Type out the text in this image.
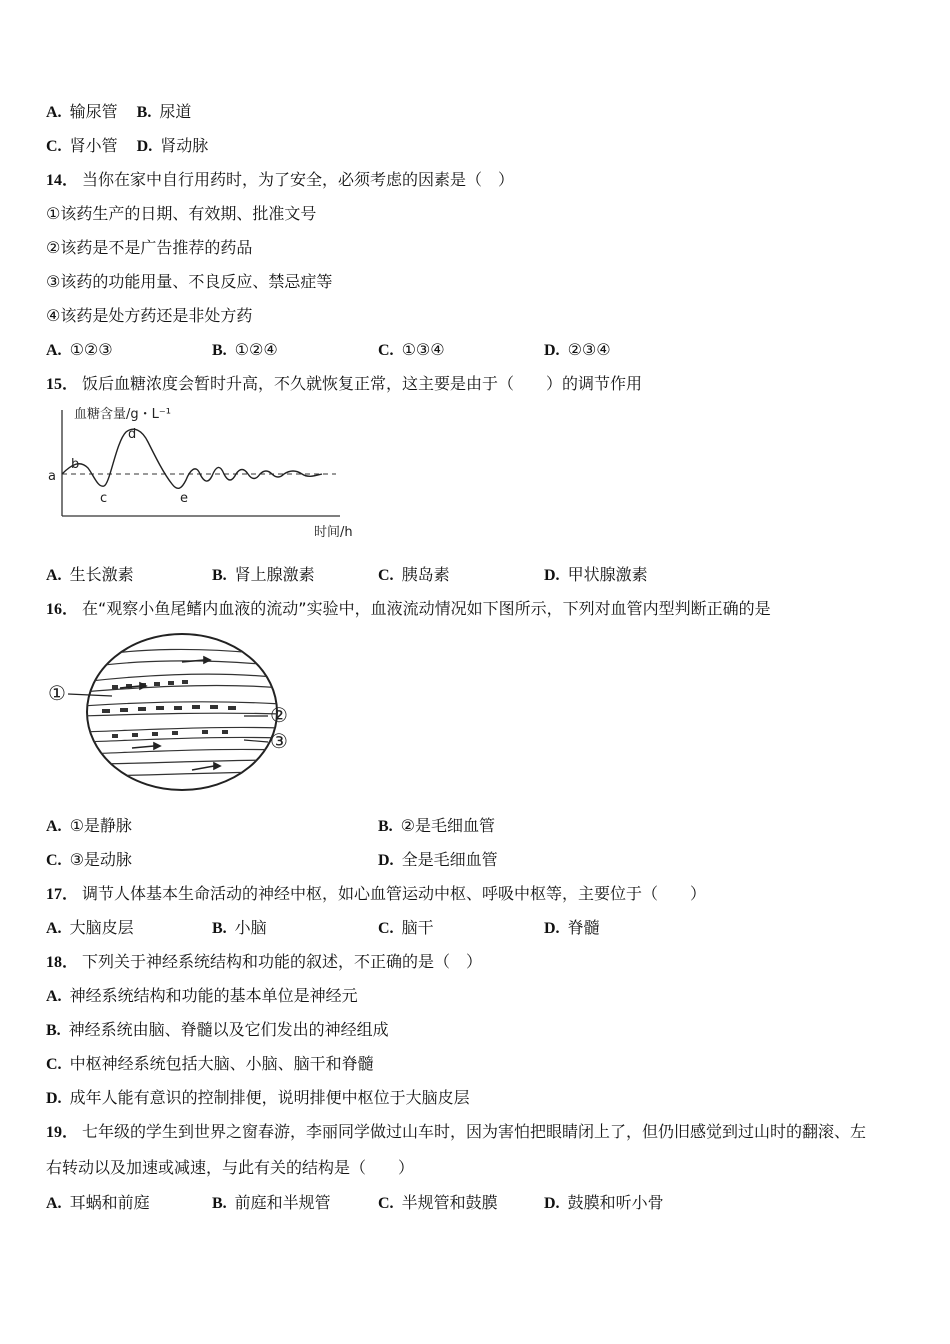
A. 输尿管 B. 尿道
C. 肾小管 D. 肾动脉
14． 当你在家中自行用药时，为了安全，必须考虑的因素是（　）
①该药生产的日期、有效期、批准文号
②该药是不是广告推荐的药品
③该药的功能用量、不良反应、禁忌症等
④该药是处方药还是非处方药
A. ①②③	B. ①②④	C. ①③④	D. ②③④
15． 饭后血糖浓度会暂时升高，不久就恢复正常，这主要是由于（　　）的调节作用
血糖含量/g・L⁻¹
时间/h
a
b
c
d
e
A. 生长激素	B. 肾上腺激素	C. 胰岛素	D. 甲状腺激素
16． 在“观察小鱼尾鳍内血液的流动”实验中，血液流动情况如下图所示，下列对血管内型判断正确的是
①
②
③
A. ①是静脉	B. ②是毛细血管
C. ③是动脉	D. 全是毛细血管
17． 调节人体基本生命活动的神经中枢，如心血管运动中枢、呼吸中枢等，主要位于（　　）
A. 大脑皮层	B. 小脑	C. 脑干	D. 脊髓
18． 下列关于神经系统结构和功能的叙述，不正确的是（　）
A. 神经系统结构和功能的基本单位是神经元
B. 神经系统由脑、脊髓以及它们发出的神经组成
C. 中枢神经系统包括大脑、小脑、脑干和脊髓
D. 成年人能有意识的控制排便，说明排便中枢位于大脑皮层
19． 七年级的学生到世界之窗春游，李丽同学做过山车时，因为害怕把眼睛闭上了，但仍旧感觉到过山时的翻滚、左
右转动以及加速或减速，与此有关的结构是（　　）
A. 耳蜗和前庭	B. 前庭和半规管	C. 半规管和鼓膜	D. 鼓膜和听小骨
